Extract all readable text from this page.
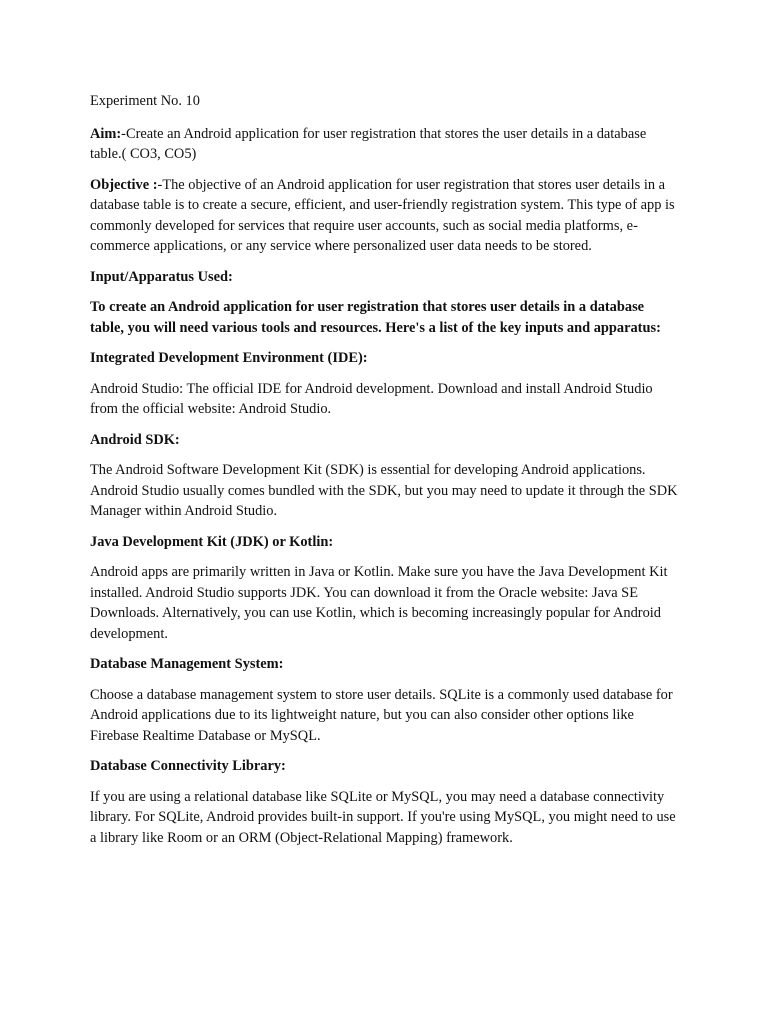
Experiment No. 10

Aim:-Create an Android application for user registration that stores the user details in a database table.( CO3, CO5)

Objective :-The objective of an Android application for user registration that stores user details in a database table is to create a secure, efficient, and user-friendly registration system. This type of app is commonly developed for services that require user accounts, such as social media platforms, e-commerce applications, or any service where personalized user data needs to be stored.

Input/Apparatus Used:

To create an Android application for user registration that stores user details in a database table, you will need various tools and resources. Here's a list of the key inputs and apparatus:

Integrated Development Environment (IDE):

Android Studio: The official IDE for Android development. Download and install Android Studio from the official website: Android Studio.

Android SDK:

The Android Software Development Kit (SDK) is essential for developing Android applications. Android Studio usually comes bundled with the SDK, but you may need to update it through the SDK Manager within Android Studio.

Java Development Kit (JDK) or Kotlin:

Android apps are primarily written in Java or Kotlin. Make sure you have the Java Development Kit installed. Android Studio supports JDK. You can download it from the Oracle website: Java SE Downloads. Alternatively, you can use Kotlin, which is becoming increasingly popular for Android development.

Database Management System:

Choose a database management system to store user details. SQLite is a commonly used database for Android applications due to its lightweight nature, but you can also consider other options like Firebase Realtime Database or MySQL.

Database Connectivity Library:

If you are using a relational database like SQLite or MySQL, you may need a database connectivity library. For SQLite, Android provides built-in support. If you're using MySQL, you might need to use a library like Room or an ORM (Object-Relational Mapping) framework.
